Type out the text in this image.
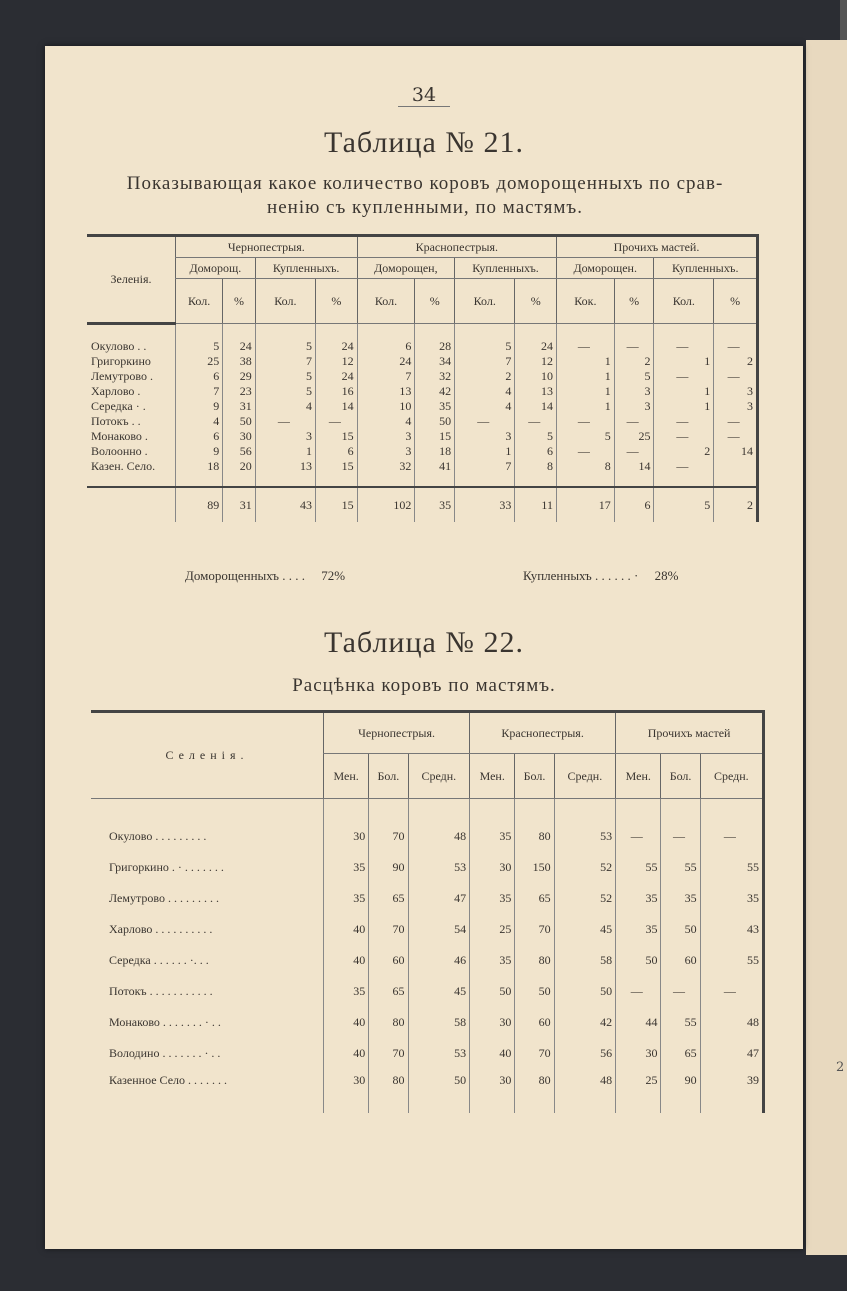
2
34
Таблица № 21.
Показывающая какое количество коровъ доморощенныхъ по срав-
ненію съ купленными, по мастямъ.
Зеленія.	Чернопестрыя.				Краснопестрыя.				Прочихъ мастей.			
	Доморощ.		Купленныхъ.		Доморощен,		Купленныхъ.		Доморощен.		Купленныхъ.	
	Кол.	%	Кол.	%	Кол.	%	Кол.	%	Кок.	%	Кол.	%

Окулово . .	5	24	5	24	6	28	5	24	—	—	—	—
Григоркино	25	38	7	12	24	34	7	12	1	2	1	2
Лемутрово .	6	29	5	24	7	32	2	10	1	5	—	—
Харлово .	7	23	5	16	13	42	4	13	1	3	1	3
Середка · .	9	31	4	14	10	35	4	14	1	3	1	3
Потокъ . .	4	50	—	—	4	50	—	—	—	—	—	—
Монаково .	6	30	3	15	3	15	3	5	5	25	—	—
Волоонно .	9	56	1	6	3	18	1	6	—	—	2	14
Казен. Село.	18	20	13	15	32	41	7	8	8	14	—	

	89	31	43	15	102	35	33	11	17	6	5	2
Доморощенныхъ . . . . 72%	Купленныхъ . . . . . . · 28%
Таблица № 22.
Расцѣнка коровъ по мастямъ.
Селенія.	Чернопестрыя.			Краснопестрыя.			Прочихъ мастей		
	Мен.	Бол.	Средн.	Мен.	Бол.	Средн.	Мен.	Бол.	Средн.

Окулово . . . . . . . . .	30	70	48	35	80	53	—	—	—
Григоркино . · . . . . . . .	35	90	53	30	150	52	55	55	55
Лемутрово . . . . . . . . .	35	65	47	35	65	52	35	35	35
Харлово . . . . . . . . . .	40	70	54	25	70	45	35	50	43
Середка . . . . . . ·. . .	40	60	46	35	80	58	50	60	55
Потокъ . . . . . . . . . . .	35	65	45	50	50	50	—	—	—
Монаково . . . . . . . · . .	40	80	58	30	60	42	44	55	48
Володино . . . . . . . · . .	40	70	53	40	70	56	30	65	47
Казенное Село . . . . . . .	30	80	50	30	80	48	25	90	39
